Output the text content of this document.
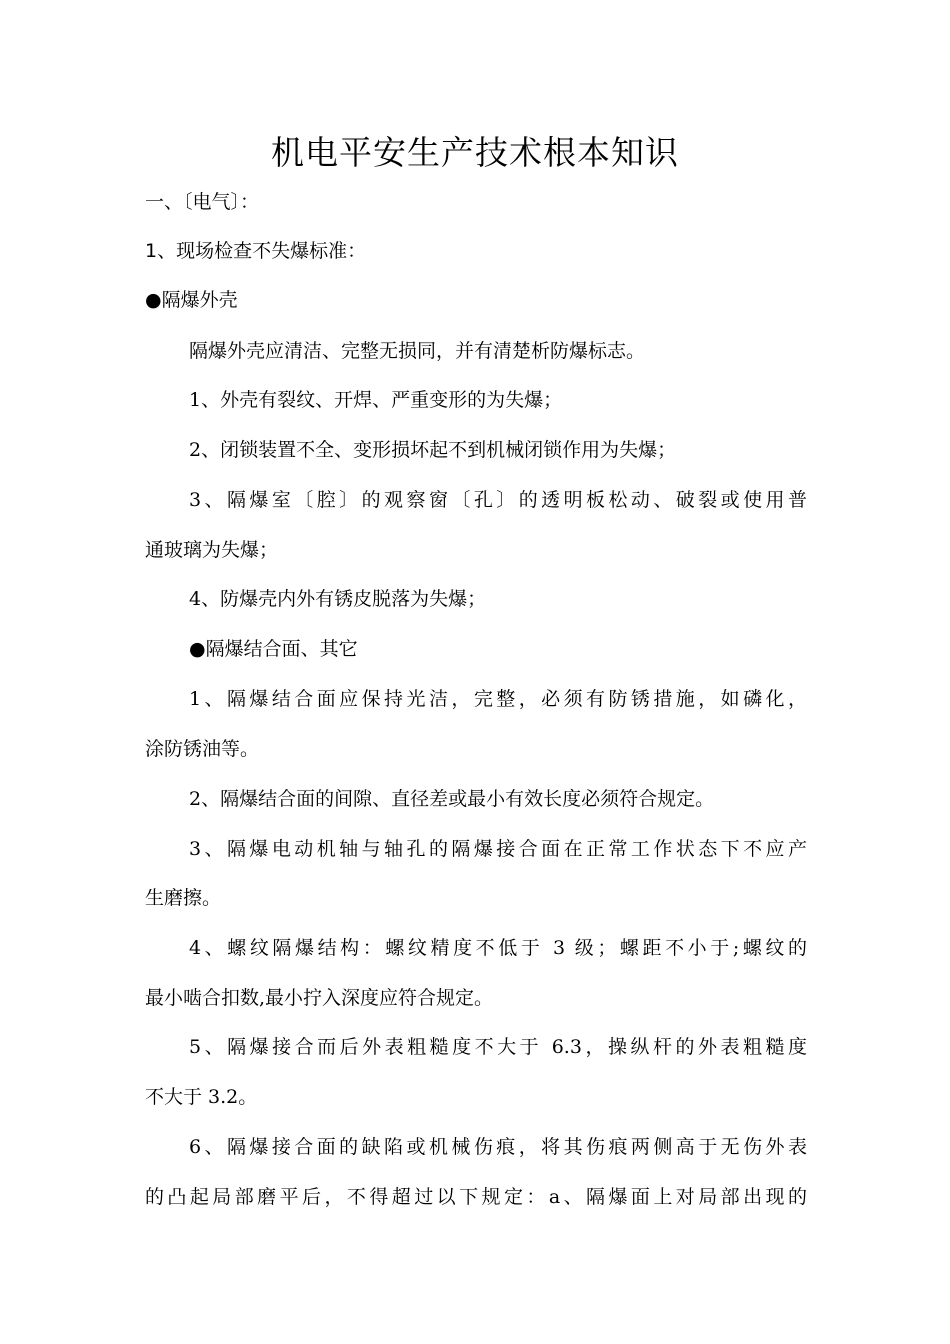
机电平安生产技术根本知识
一、〔电气〕：
1、现场检查不失爆标准：
●隔爆外壳
隔爆外壳应清洁、完整无损同，并有清楚析防爆标志。
1、外壳有裂纹、开焊、严重变形的为失爆；
2、闭锁装置不全、变形损坏起不到机械闭锁作用为失爆；
3、隔爆室〔腔〕的观察窗〔孔〕的透明板松动、破裂或使用普
通玻璃为失爆；
4、防爆壳内外有锈皮脱落为失爆；
●隔爆结合面、其它
1、隔爆结合面应保持光洁，完整，必须有防锈措施，如磷化，
涂防锈油等。
2、隔爆结合面的间隙、直径差或最小有效长度必须符合规定。
3、隔爆电动机轴与轴孔的隔爆接合面在正常工作状态下不应产
生磨擦。
4、螺纹隔爆结构：螺纹精度不低于 3 级；螺距不小于;螺纹的
最小啮合扣数,最小拧入深度应符合规定。
5、隔爆接合而后外表粗糙度不大于 6.3，操纵杆的外表粗糙度
不大于 3.2。
6、隔爆接合面的缺陷或机械伤痕，将其伤痕两侧高于无伤外表
的凸起局部磨平后，不得超过以下规定：a、隔爆面上对局部出现的
